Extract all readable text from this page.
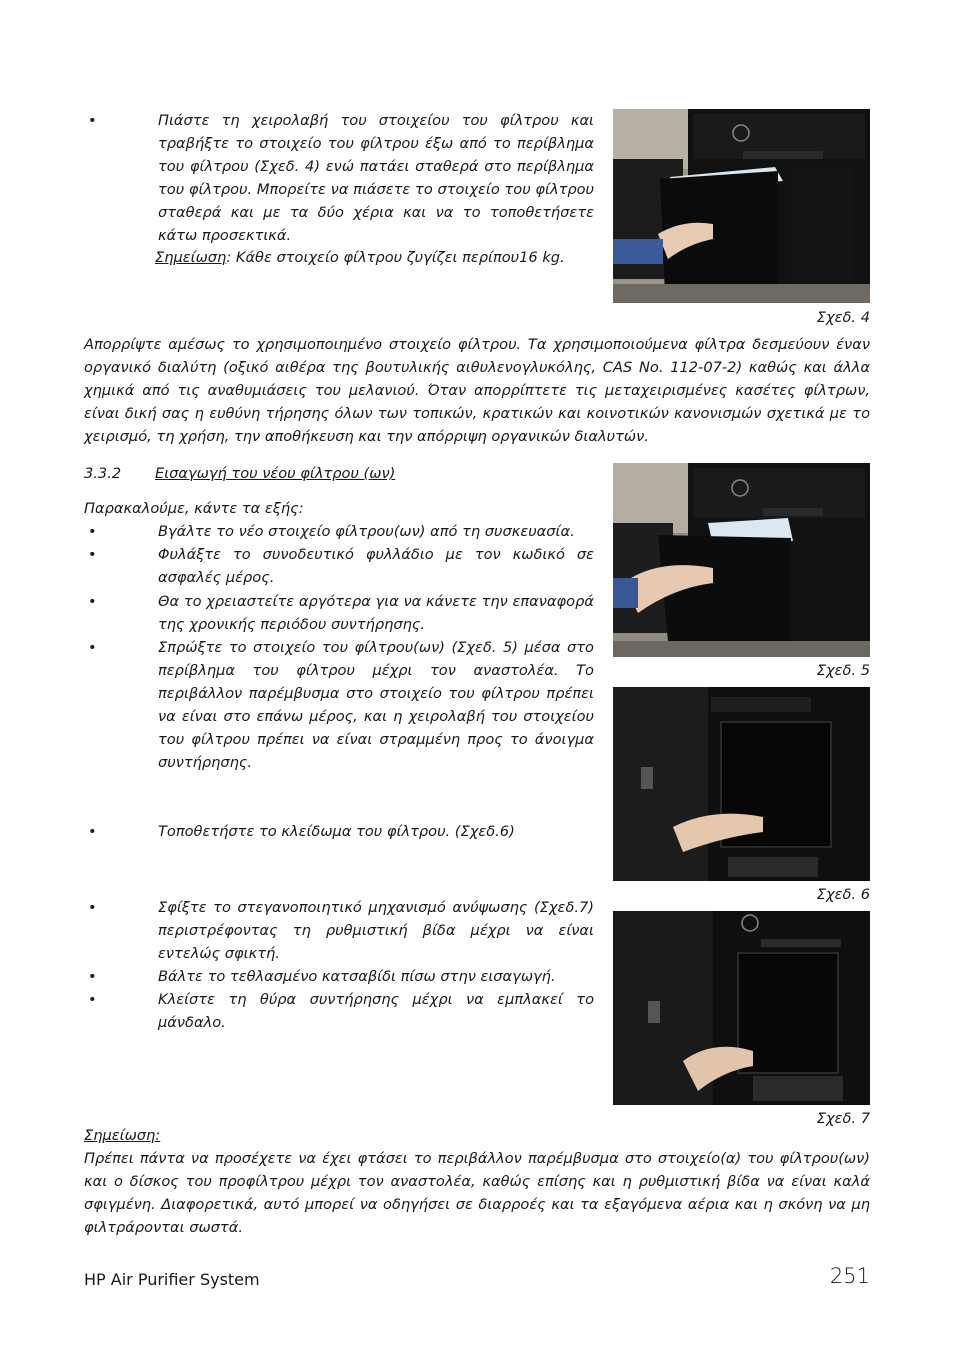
•	Πιάστε τη χειρολαβή του στοιχείου του φίλτρου και τραβήξτε το στοιχείο του φίλτρου έξω από το περίβλημα του φίλτρου (Σχεδ. 4) ενώ πατάει σταθερά στο περίβλημα του φίλτρου. Μπορείτε να πιάσετε το στοιχείο του φίλτρου σταθερά και με τα δύο χέρια και να το τοποθετήσετε κάτω προσεκτικά.
Σημείωση: Κάθε στοιχείο φίλτρου ζυγίζει περίπου16 kg.
Σχεδ. 4
Απορρίψτε αμέσως το χρησιμοποιημένο στοιχείο φίλτρου. Τα χρησιμοποιούμενα φίλτρα δεσμεύουν έναν οργανικό διαλύτη (οξικό αιθέρα της βουτυλικής αιθυλενογλυκόλης, CAS No. 112-07-2) καθώς και άλλα χημικά από τις αναθυμιάσεις του μελανιού. Όταν απορρίπτετε τις μεταχειρισμένες κασέτες φίλτρων, είναι δική σας η ευθύνη τήρησης όλων των τοπικών, κρατικών και κοινοτικών κανονισμών σχετικά με το χειρισμό, τη χρήση, την αποθήκευση και την απόρριψη οργανικών διαλυτών.
3.3.2 Εισαγωγή του νέου φίλτρου (ων)
Παρακαλούμε, κάντε τα εξής:
•	Βγάλτε το νέο στοιχείο φίλτρου(ων) από τη συσκευασία.
•	Φυλάξτε το συνοδευτικό φυλλάδιο με τον κωδικό σε ασφαλές μέρος.
•	Θα το χρειαστείτε αργότερα για να κάνετε την επαναφορά της χρονικής περιόδου συντήρησης.
•	Σπρώξτε το στοιχείο του φίλτρου(ων) (Σχεδ. 5) μέσα στο περίβλημα του φίλτρου μέχρι τον αναστολέα. Το περιβάλλον παρέμβυσμα στο στοιχείο του φίλτρου πρέπει να είναι στο επάνω μέρος, και η χειρολαβή του στοιχείου του φίλτρου πρέπει να είναι στραμμένη προς το άνοιγμα συντήρησης.
•	Τοποθετήστε το κλείδωμα του φίλτρου. (Σχεδ.6)
•	Σφίξτε το στεγανοποιητικό μηχανισμό ανύψωσης (Σχεδ.7) περιστρέφοντας τη ρυθμιστική βίδα μέχρι να είναι εντελώς σφικτή.
•	Βάλτε το τεθλασμένο κατσαβίδι πίσω στην εισαγωγή.
•	Κλείστε τη θύρα συντήρησης μέχρι να εμπλακεί το μάνδαλο.
Σχεδ. 5
Σχεδ. 6
Σχεδ. 7
Σημείωση:
Πρέπει πάντα να προσέχετε να έχει φτάσει το περιβάλλον παρέμβυσμα στο στοιχείο(α) του φίλτρου(ων) και ο δίσκος του προφίλτρου μέχρι τον αναστολέα, καθώς επίσης και η ρυθμιστική βίδα να είναι καλά σφιγμένη. Διαφορετικά, αυτό μπορεί να οδηγήσει σε διαρροές και τα εξαγόμενα αέρια και η σκόνη να μη φιλτράρονται σωστά.
HP Air Purifier System	251
